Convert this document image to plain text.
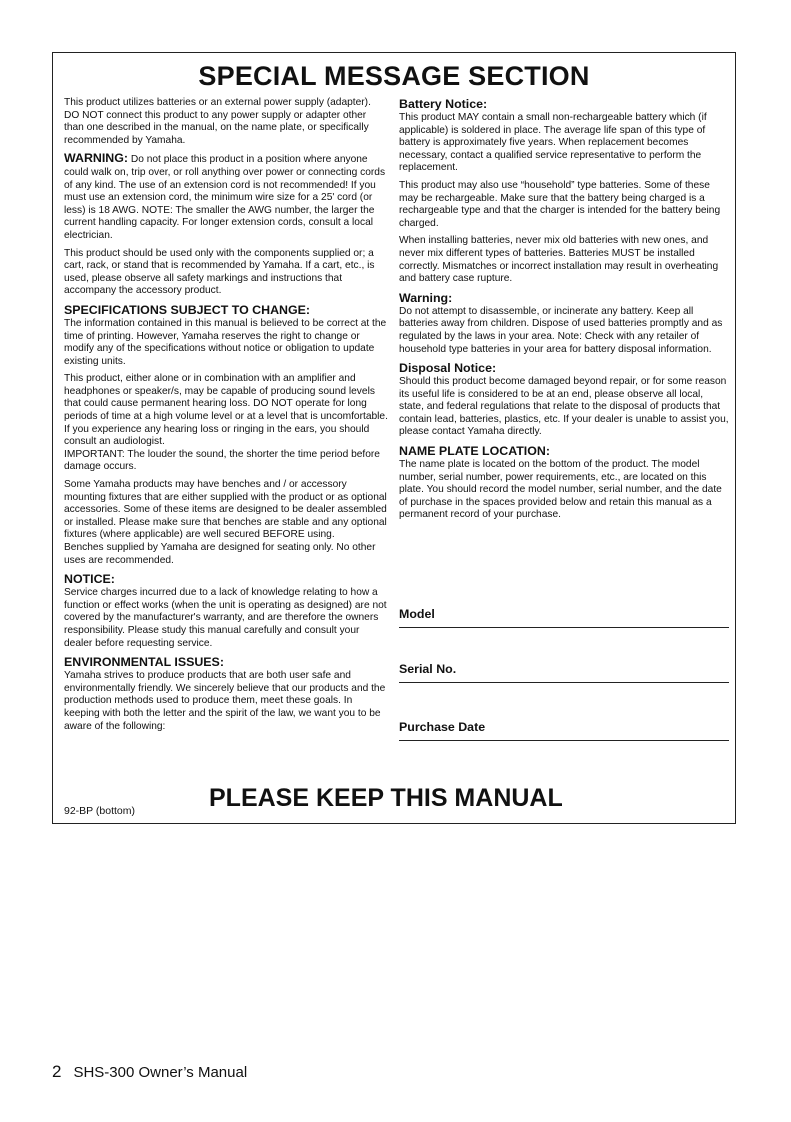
SPECIAL MESSAGE SECTION

This product utilizes batteries or an external power supply (adapter). DO NOT connect this product to any power supply or adapter other than one described in the manual, on the name plate, or specifically recommended by Yamaha.

WARNING: Do not place this product in a position where anyone could walk on, trip over, or roll anything over power or connecting cords of any kind. The use of an extension cord is not recommended! If you must use an extension cord, the minimum wire size for a 25' cord (or less) is 18 AWG. NOTE: The smaller the AWG number, the larger the current handling capacity. For longer extension cords, consult a local electrician.

This product should be used only with the components supplied or; a cart, rack, or stand that is recommended by Yamaha. If a cart, etc., is used, please observe all safety markings and instructions that accompany the accessory product.

SPECIFICATIONS SUBJECT TO CHANGE:

The information contained in this manual is believed to be correct at the time of printing. However, Yamaha reserves the right to change or modify any of the specifications without notice or obligation to update existing units.

This product, either alone or in combination with an amplifier and headphones or speaker/s, may be capable of producing sound levels that could cause permanent hearing loss. DO NOT operate for long periods of time at a high volume level or at a level that is uncomfortable. If you experience any hearing loss or ringing in the ears, you should consult an audiologist.

IMPORTANT: The louder the sound, the shorter the time period before damage occurs.

Some Yamaha products may have benches and / or accessory mounting fixtures that are either supplied with the product or as optional accessories. Some of these items are designed to be dealer assembled or installed. Please make sure that benches are stable and any optional fixtures (where applicable) are well secured BEFORE using.

Benches supplied by Yamaha are designed for seating only. No other uses are recommended.

NOTICE:

Service charges incurred due to a lack of knowledge relating to how a function or effect works (when the unit is operating as designed) are not covered by the manufacturer's warranty, and are therefore the owners responsibility. Please study this manual carefully and consult your dealer before requesting service.

ENVIRONMENTAL ISSUES:

Yamaha strives to produce products that are both user safe and environmentally friendly. We sincerely believe that our products and the production methods used to produce them, meet these goals. In keeping with both the letter and the spirit of the law, we want you to be aware of the following:

Battery Notice:

This product MAY contain a small non-rechargeable battery which (if applicable) is soldered in place. The average life span of this type of battery is approximately five years. When replacement becomes necessary, contact a qualified service representative to perform the replacement.

This product may also use “household” type batteries. Some of these may be rechargeable. Make sure that the battery being charged is a rechargeable type and that the charger is intended for the battery being charged.

When installing batteries, never mix old batteries with new ones, and never mix different types of batteries. Batteries MUST be installed correctly. Mismatches or incorrect installation may result in overheating and battery case rupture.

Warning:

Do not attempt to disassemble, or incinerate any battery. Keep all batteries away from children. Dispose of used batteries promptly and as regulated by the laws in your area. Note: Check with any retailer of household type batteries in your area for battery disposal information.

Disposal Notice:

Should this product become damaged beyond repair, or for some reason its useful life is considered to be at an end, please observe all local, state, and federal regulations that relate to the disposal of products that contain lead, batteries, plastics, etc. If your dealer is unable to assist you, please contact Yamaha directly.

NAME PLATE LOCATION:

The name plate is located on the bottom of the product. The model number, serial number, power requirements, etc., are located on this plate. You should record the model number, serial number, and the date of purchase in the spaces provided below and retain this manual as a permanent record of your purchase.

Model
Serial No.
Purchase Date
92-BP (bottom)	PLEASE KEEP THIS MANUAL
2 SHS-300 Owner’s Manual
